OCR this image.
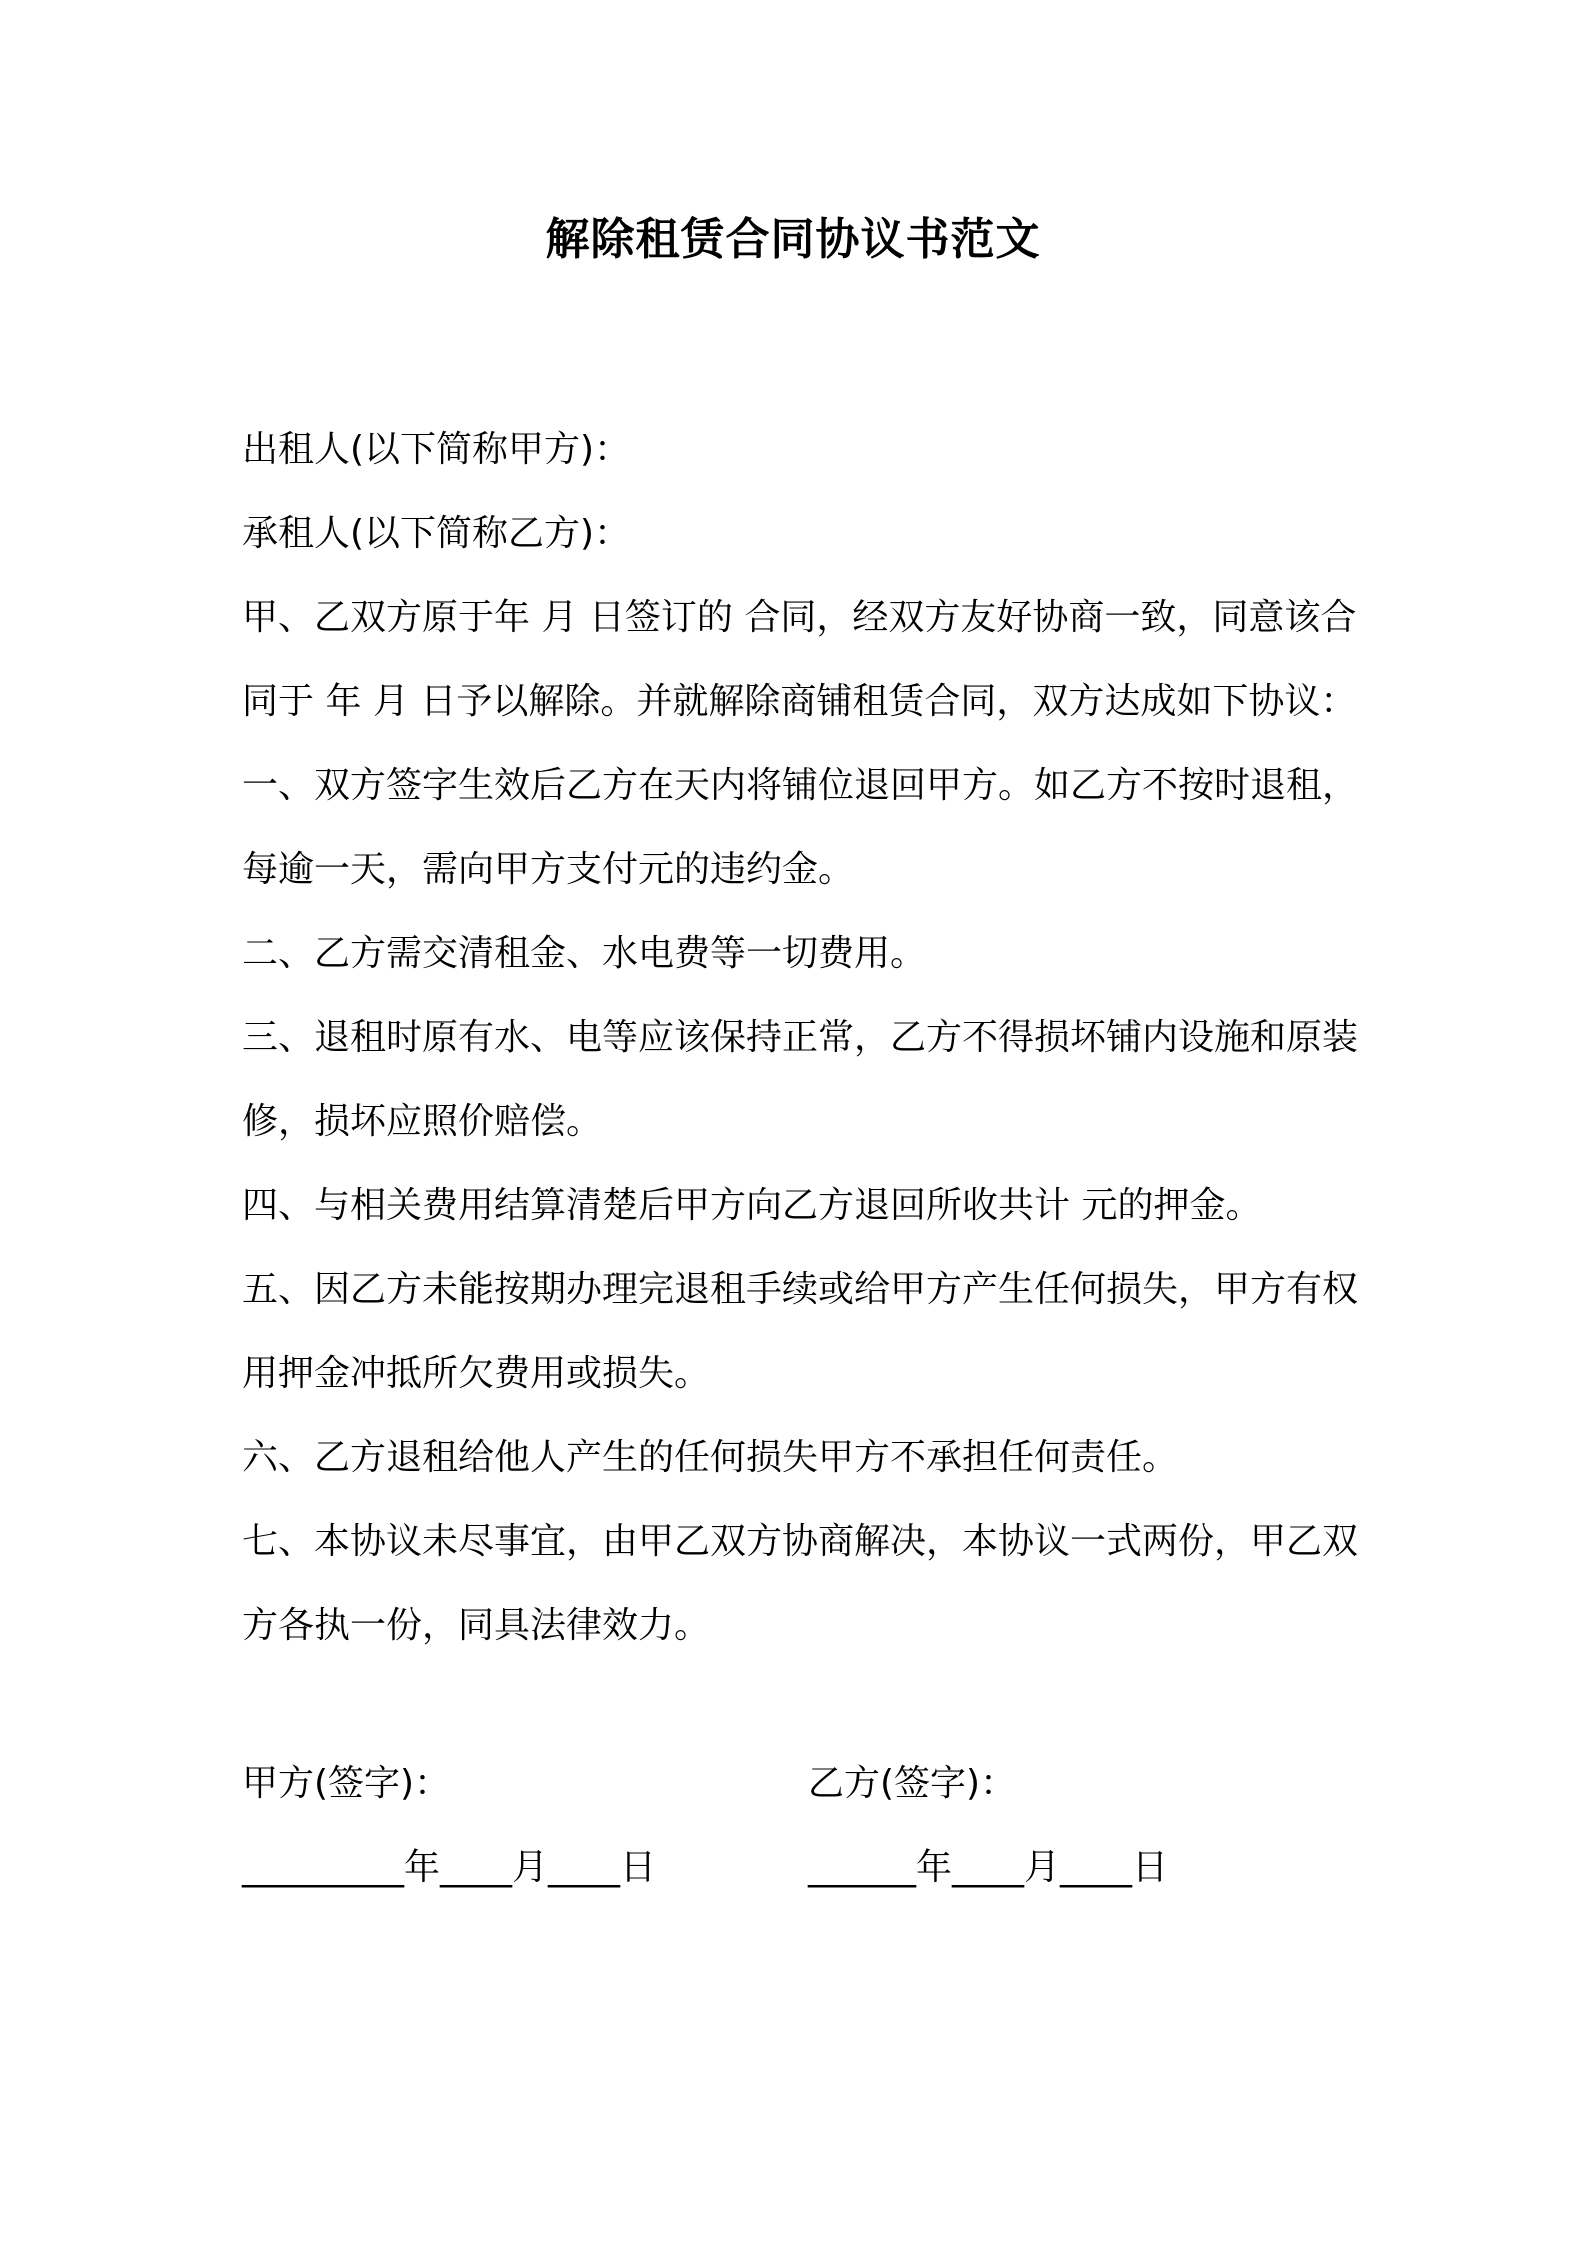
解除租赁合同协议书范文

出租人(以下简称甲方)：

承租人(以下简称乙方)：

甲、乙双方原于年 月 日签订的 合同，经双方友好协商一致，同意该合同于 年 月 日予以解除。并就解除商铺租赁合同，双方达成如下协议：

一、双方签字生效后乙方在天内将铺位退回甲方。如乙方不按时退租，每逾一天，需向甲方支付元的违约金。

二、乙方需交清租金、水电费等一切费用。

三、退租时原有水、电等应该保持正常，乙方不得损坏铺内设施和原装修，损坏应照价赔偿。

四、与相关费用结算清楚后甲方向乙方退回所收共计 元的押金。

五、因乙方未能按期办理完退租手续或给甲方产生任何损失，甲方有权用押金冲抵所欠费用或损失。

六、乙方退租给他人产生的任何损失甲方不承担任何责任。

七、本协议未尽事宜，由甲乙双方协商解决，本协议一式两份，甲乙双方各执一份，同具法律效力。

甲方(签字)：

	乙方(签字)：

_________年____月____日

	______年____月____日
